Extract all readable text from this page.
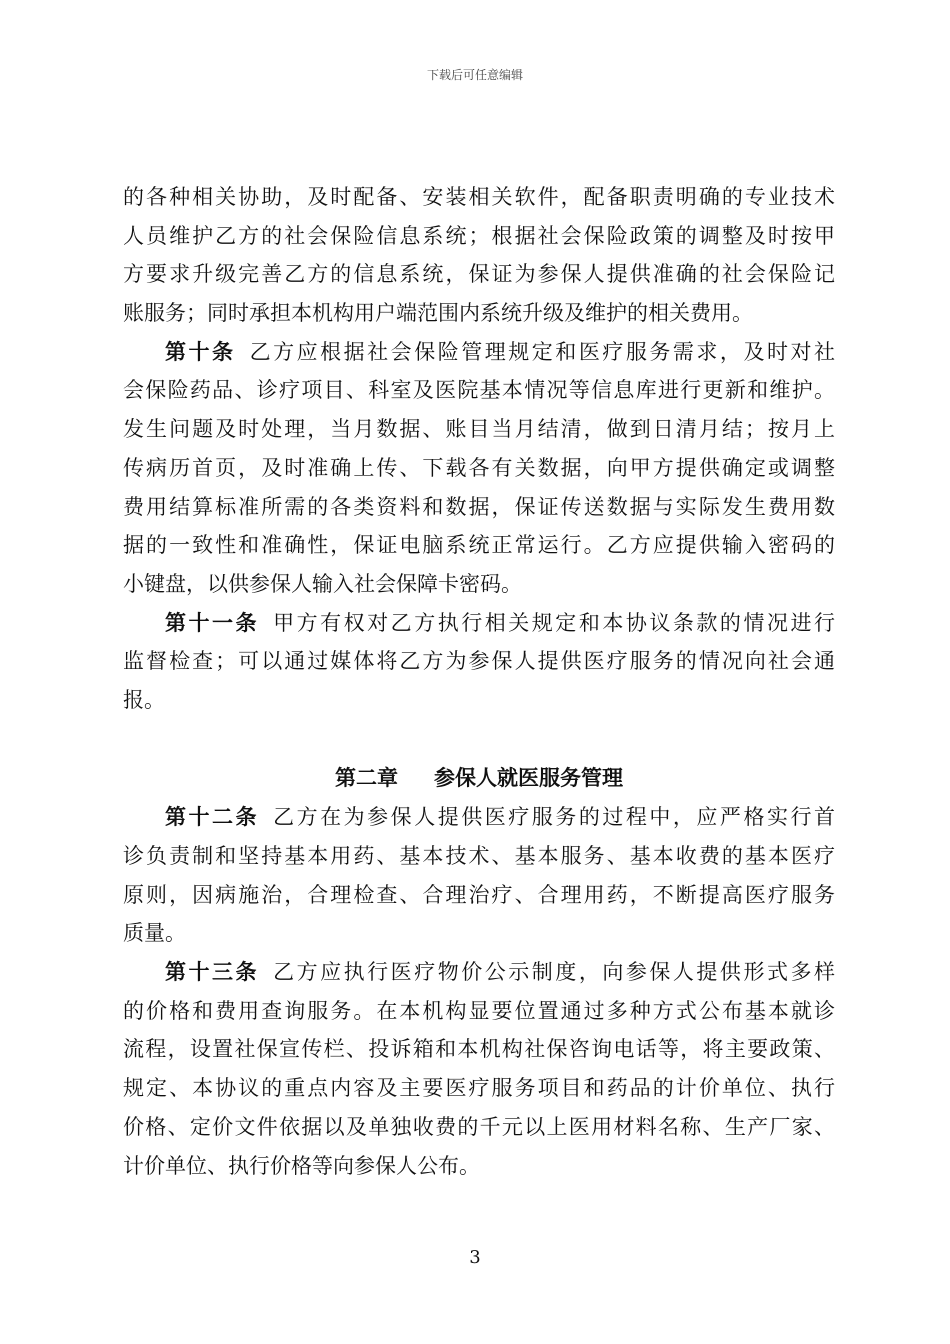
下载后可任意编辑
的各种相关协助，及时配备、安装相关软件，配备职责明确的专业技术
人员维护乙方的社会保险信息系统；根据社会保险政策的调整及时按甲
方要求升级完善乙方的信息系统，保证为参保人提供准确的社会保险记
账服务；同时承担本机构用户端范围内系统升级及维护的相关费用。
第十条 乙方应根据社会保险管理规定和医疗服务需求，及时对社
会保险药品、诊疗项目、科室及医院基本情况等信息库进行更新和维护。
发生问题及时处理，当月数据、账目当月结清，做到日清月结；按月上
传病历首页，及时准确上传、下载各有关数据，向甲方提供确定或调整
费用结算标准所需的各类资料和数据，保证传送数据与实际发生费用数
据的一致性和准确性，保证电脑系统正常运行。乙方应提供输入密码的
小键盘，以供参保人输入社会保障卡密码。
第十一条 甲方有权对乙方执行相关规定和本协议条款的情况进行
监督检查；可以通过媒体将乙方为参保人提供医疗服务的情况向社会通
报。
第二章 参保人就医服务管理
第十二条 乙方在为参保人提供医疗服务的过程中，应严格实行首
诊负责制和坚持基本用药、基本技术、基本服务、基本收费的基本医疗
原则，因病施治，合理检查、合理治疗、合理用药，不断提高医疗服务
质量。
第十三条 乙方应执行医疗物价公示制度，向参保人提供形式多样
的价格和费用查询服务。在本机构显要位置通过多种方式公布基本就诊
流程，设置社保宣传栏、投诉箱和本机构社保咨询电话等，将主要政策、
规定、本协议的重点内容及主要医疗服务项目和药品的计价单位、执行
价格、定价文件依据以及单独收费的千元以上医用材料名称、生产厂家、
计价单位、执行价格等向参保人公布。
3
